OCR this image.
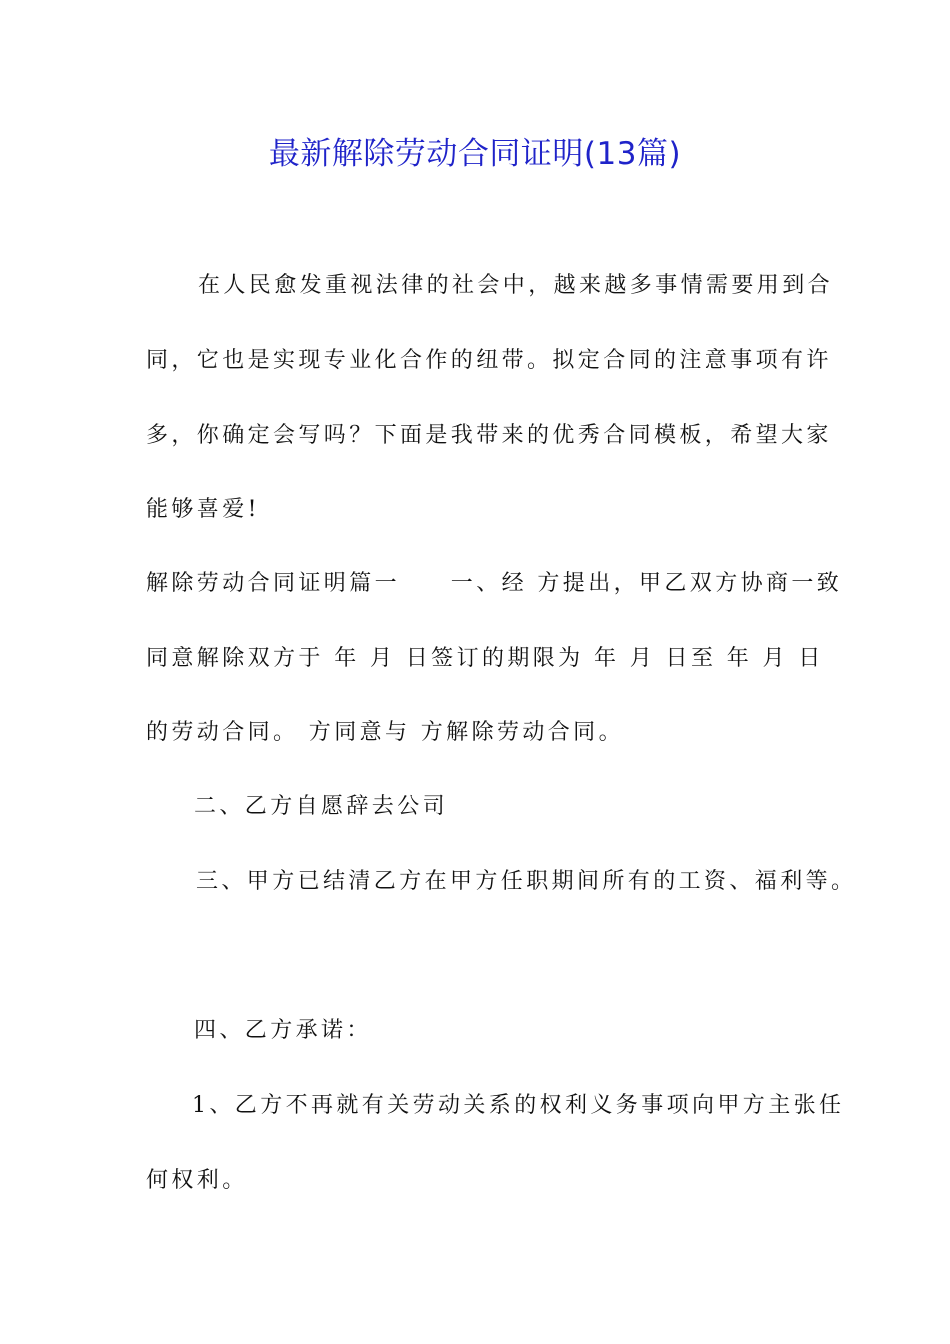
最新解除劳动合同证明(13篇)
在人民愈发重视法律的社会中，越来越多事情需要用到合
同，它也是实现专业化合作的纽带。拟定合同的注意事项有许
多，你确定会写吗？下面是我带来的优秀合同模板，希望大家
能够喜爱!
解除劳动合同证明篇一　　一、经 方提出，甲乙双方协商一致
同意解除双方于 年 月 日签订的期限为 年 月 日至 年 月 日
的劳动合同。 方同意与 方解除劳动合同。
二、乙方自愿辞去公司
三、甲方已结清乙方在甲方任职期间所有的工资、福利等。
四、乙方承诺：
1、乙方不再就有关劳动关系的权利义务事项向甲方主张任
何权利。
